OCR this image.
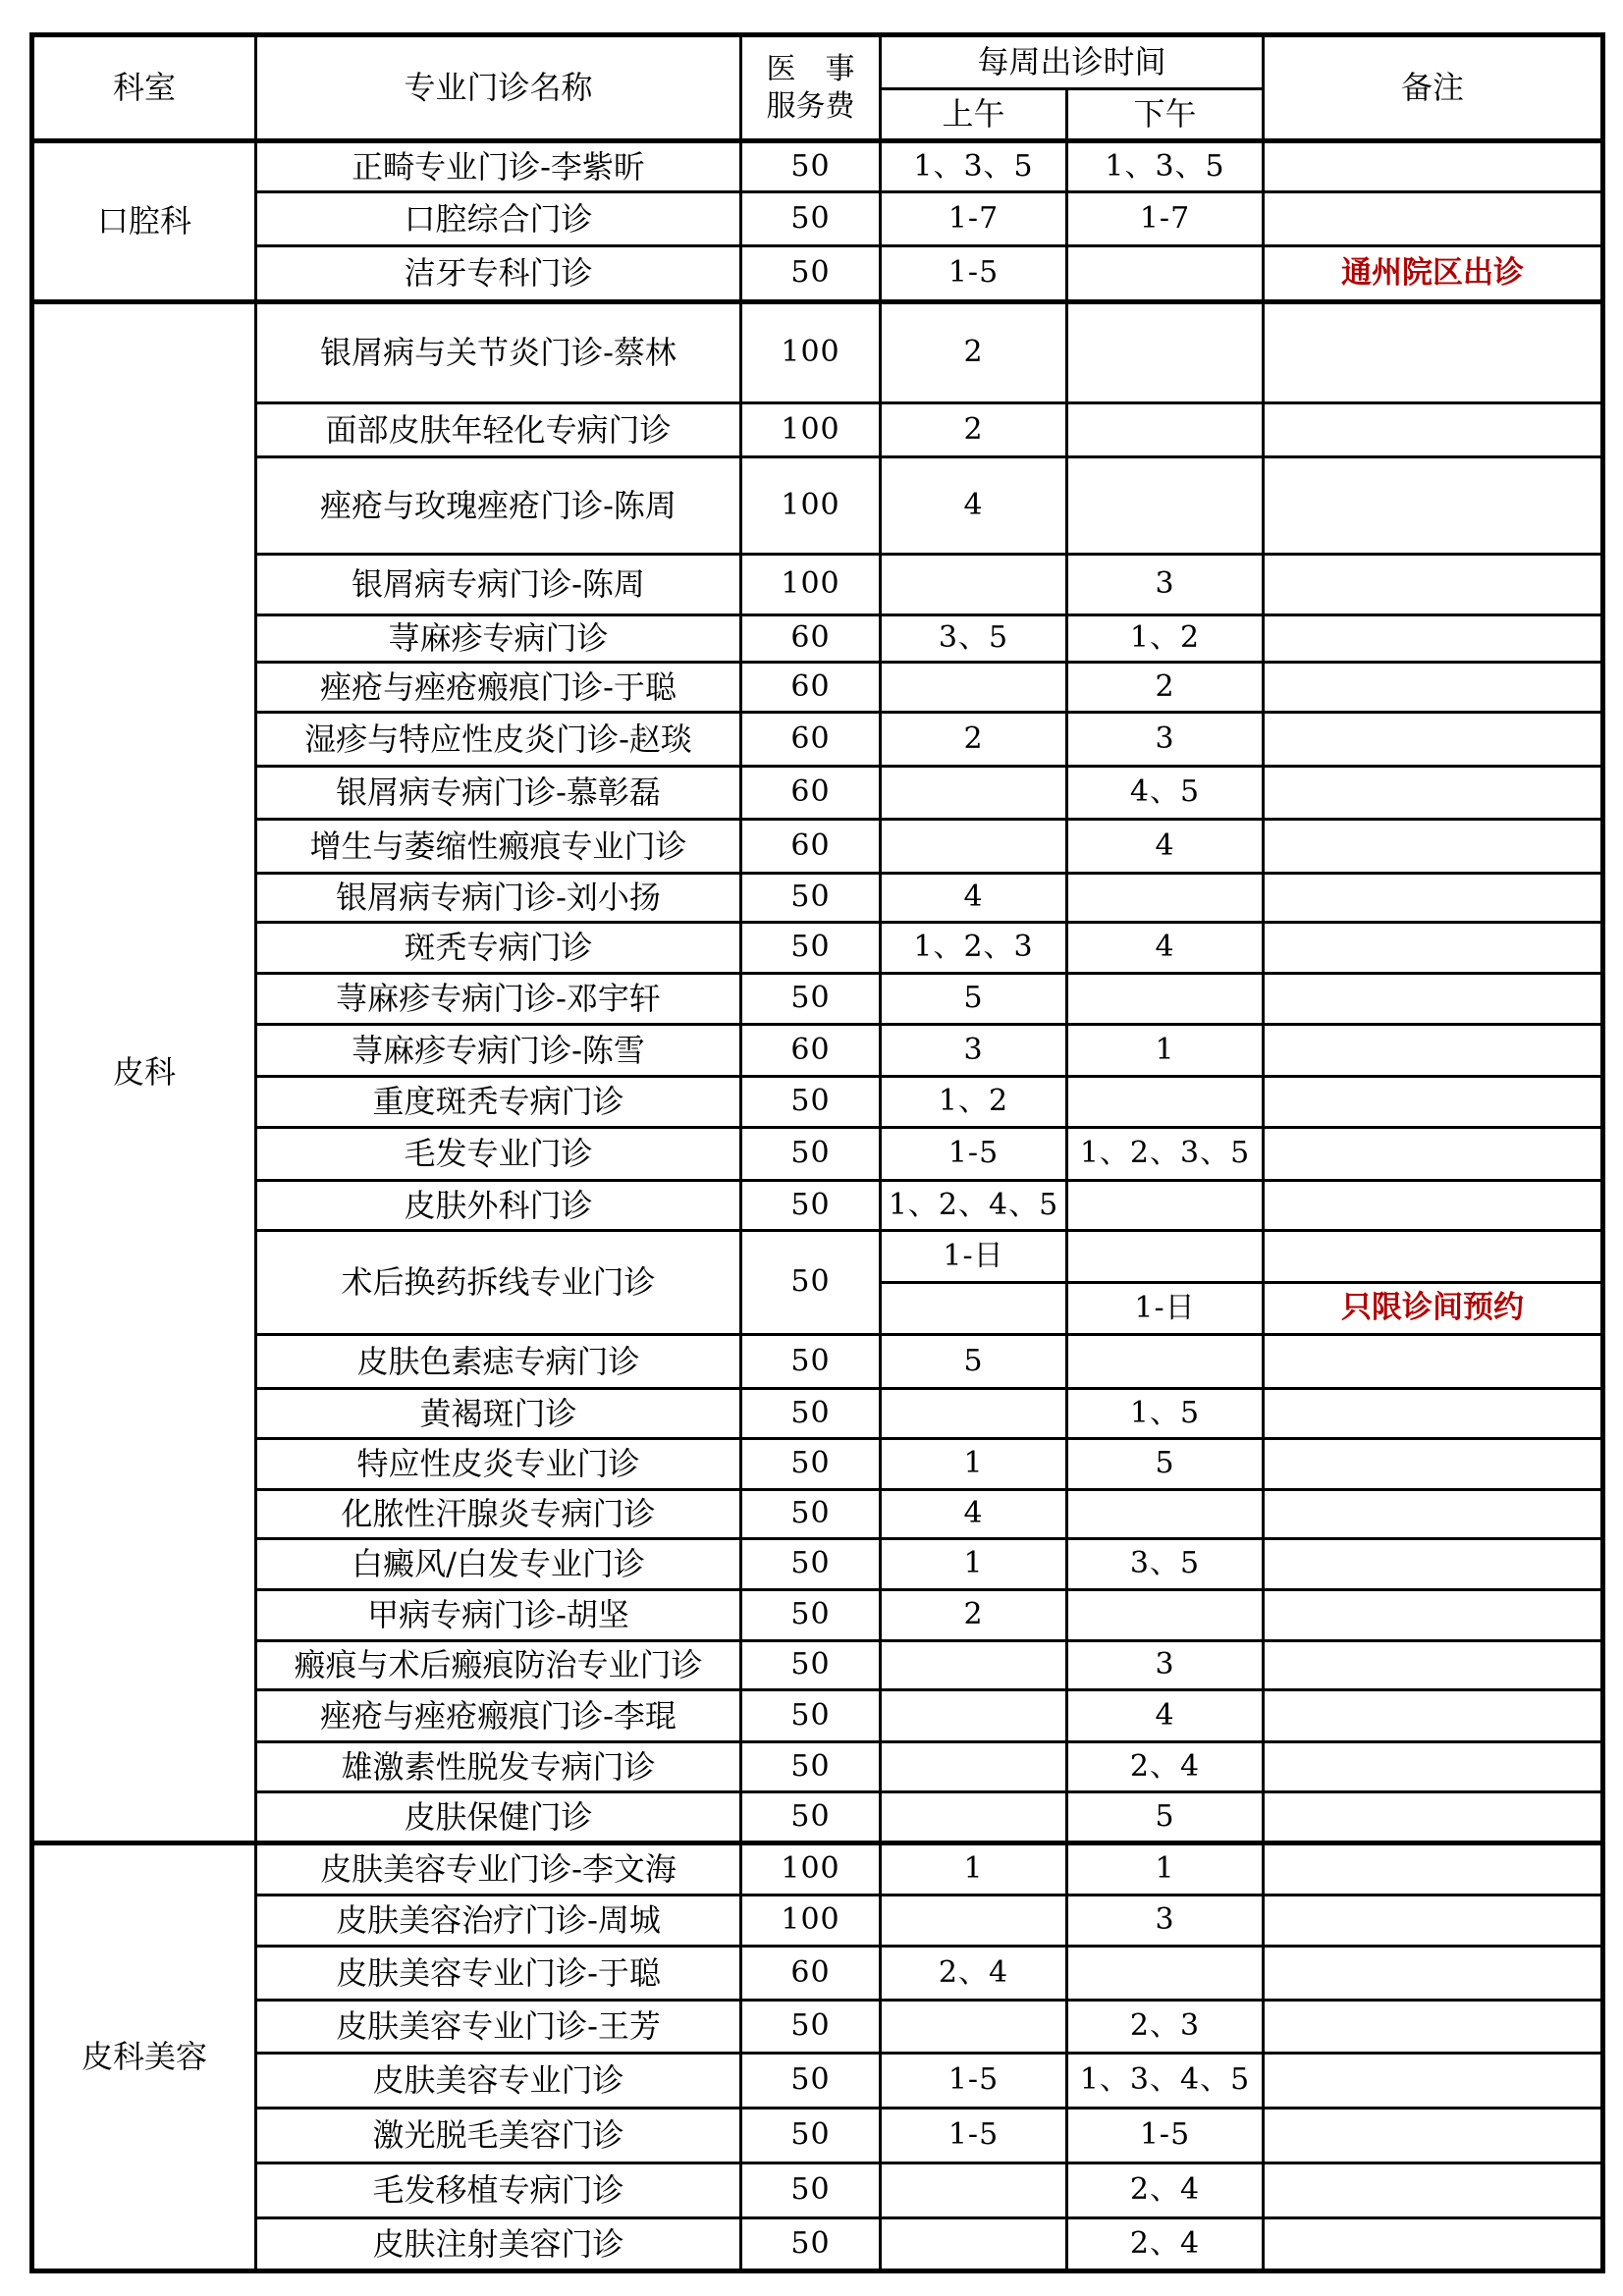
科室	专业门诊名称	医　事
服务费	每周出诊时间		备注
			上午	下午	
口腔科	正畸专业门诊-李紫昕	50	1、3、5	1、3、5	
	口腔综合门诊	50	1-7	1-7	
	洁牙专科门诊	50	1-5		通州院区出诊
皮科	银屑病与关节炎门诊-蔡林	100	2		
	面部皮肤年轻化专病门诊	100	2		
	痤疮与玫瑰痤疮门诊-陈周	100	4		
	银屑病专病门诊-陈周	100		3	
	荨麻疹专病门诊	60	3、5	1、2	
	痤疮与痤疮瘢痕门诊-于聪	60		2	
	湿疹与特应性皮炎门诊-赵琰	60	2	3	
	银屑病专病门诊-慕彰磊	60		4、5	
	增生与萎缩性瘢痕专业门诊	60		4	
	银屑病专病门诊-刘小扬	50	4		
	斑秃专病门诊	50	1、2、3	4	
	荨麻疹专病门诊-邓宇轩	50	5		
	荨麻疹专病门诊-陈雪	60	3	1	
	重度斑秃专病门诊	50	1、2		
	毛发专业门诊	50	1-5	1、2、3、5	
	皮肤外科门诊	50	1、2、4、5		
	术后换药拆线专业门诊	50	1-日		
				1-日	只限诊间预约
	皮肤色素痣专病门诊	50	5		
	黄褐斑门诊	50		1、5	
	特应性皮炎专业门诊	50	1	5	
	化脓性汗腺炎专病门诊	50	4		
	白癜风/白发专业门诊	50	1	3、5	
	甲病专病门诊-胡坚	50	2		
	瘢痕与术后瘢痕防治专业门诊	50		3	
	痤疮与痤疮瘢痕门诊-李琨	50		4	
	雄激素性脱发专病门诊	50		2、4	
	皮肤保健门诊	50		5	
皮科美容	皮肤美容专业门诊-李文海	100	1	1	
	皮肤美容治疗门诊-周城	100		3	
	皮肤美容专业门诊-于聪	60	2、4		
	皮肤美容专业门诊-王芳	50		2、3	
	皮肤美容专业门诊	50	1-5	1、3、4、5	
	激光脱毛美容门诊	50	1-5	1-5	
	毛发移植专病门诊	50		2、4	
	皮肤注射美容门诊	50		2、4	
